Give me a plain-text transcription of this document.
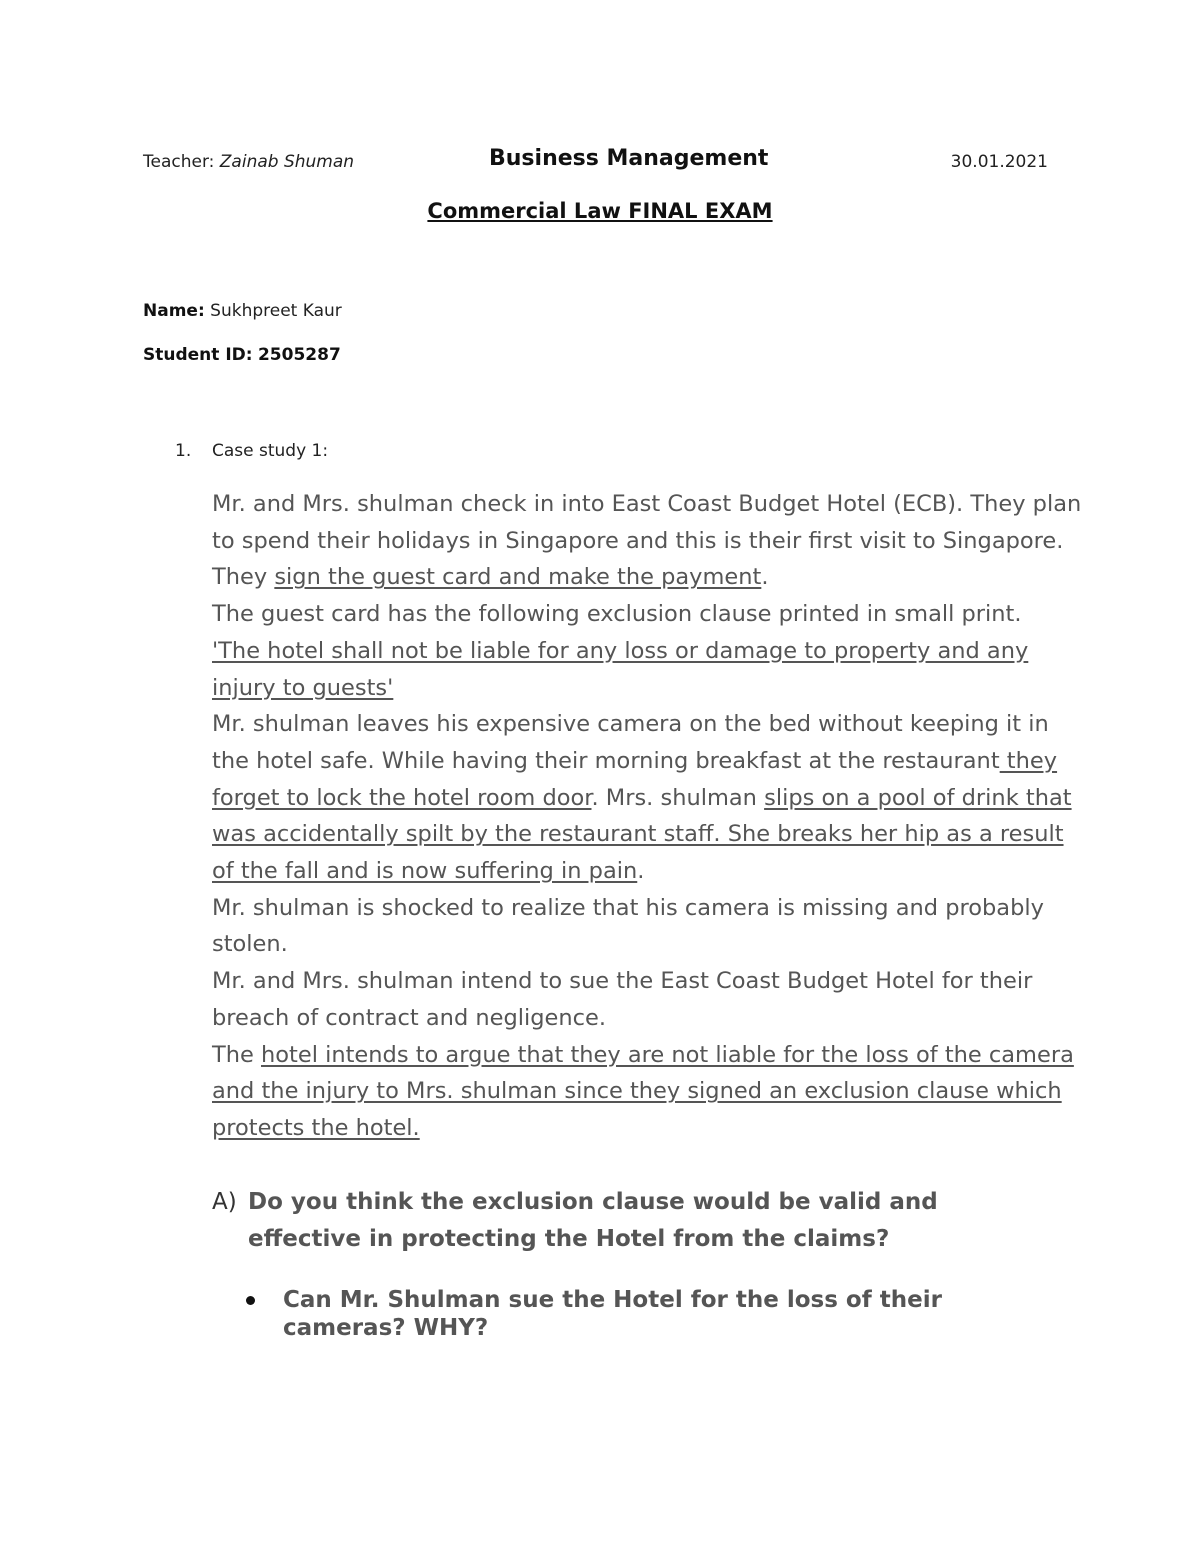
Teacher: Zainab Shuman	Business Management	30.01.2021
Commercial Law FINAL EXAM
Name: Sukhpreet Kaur
Student ID: 2505287
1. Case study 1:

Mr. and Mrs. shulman check in into East Coast Budget Hotel (ECB). They plan to spend their holidays in Singapore and this is their first visit to Singapore. They sign the guest card and make the payment.

The guest card has the following exclusion clause printed in small print.

'The hotel shall not be liable for any loss or damage to property and any injury to guests'

Mr. shulman leaves his expensive camera on the bed without keeping it in the hotel safe. While having their morning breakfast at the restaurant they forget to lock the hotel room door. Mrs. shulman slips on a pool of drink that was accidentally spilt by the restaurant staff. She breaks her hip as a result of the fall and is now suffering in pain.

Mr. shulman is shocked to realize that his camera is missing and probably stolen.

Mr. and Mrs. shulman intend to sue the East Coast Budget Hotel for their breach of contract and negligence.

The hotel intends to argue that they are not liable for the loss of the camera and the injury to Mrs. shulman since they signed an exclusion clause which protects the hotel.

A) Do you think the exclusion clause would be valid and effective in protecting the Hotel from the claims?
Can Mr. Shulman sue the Hotel for the loss of their cameras? WHY?
